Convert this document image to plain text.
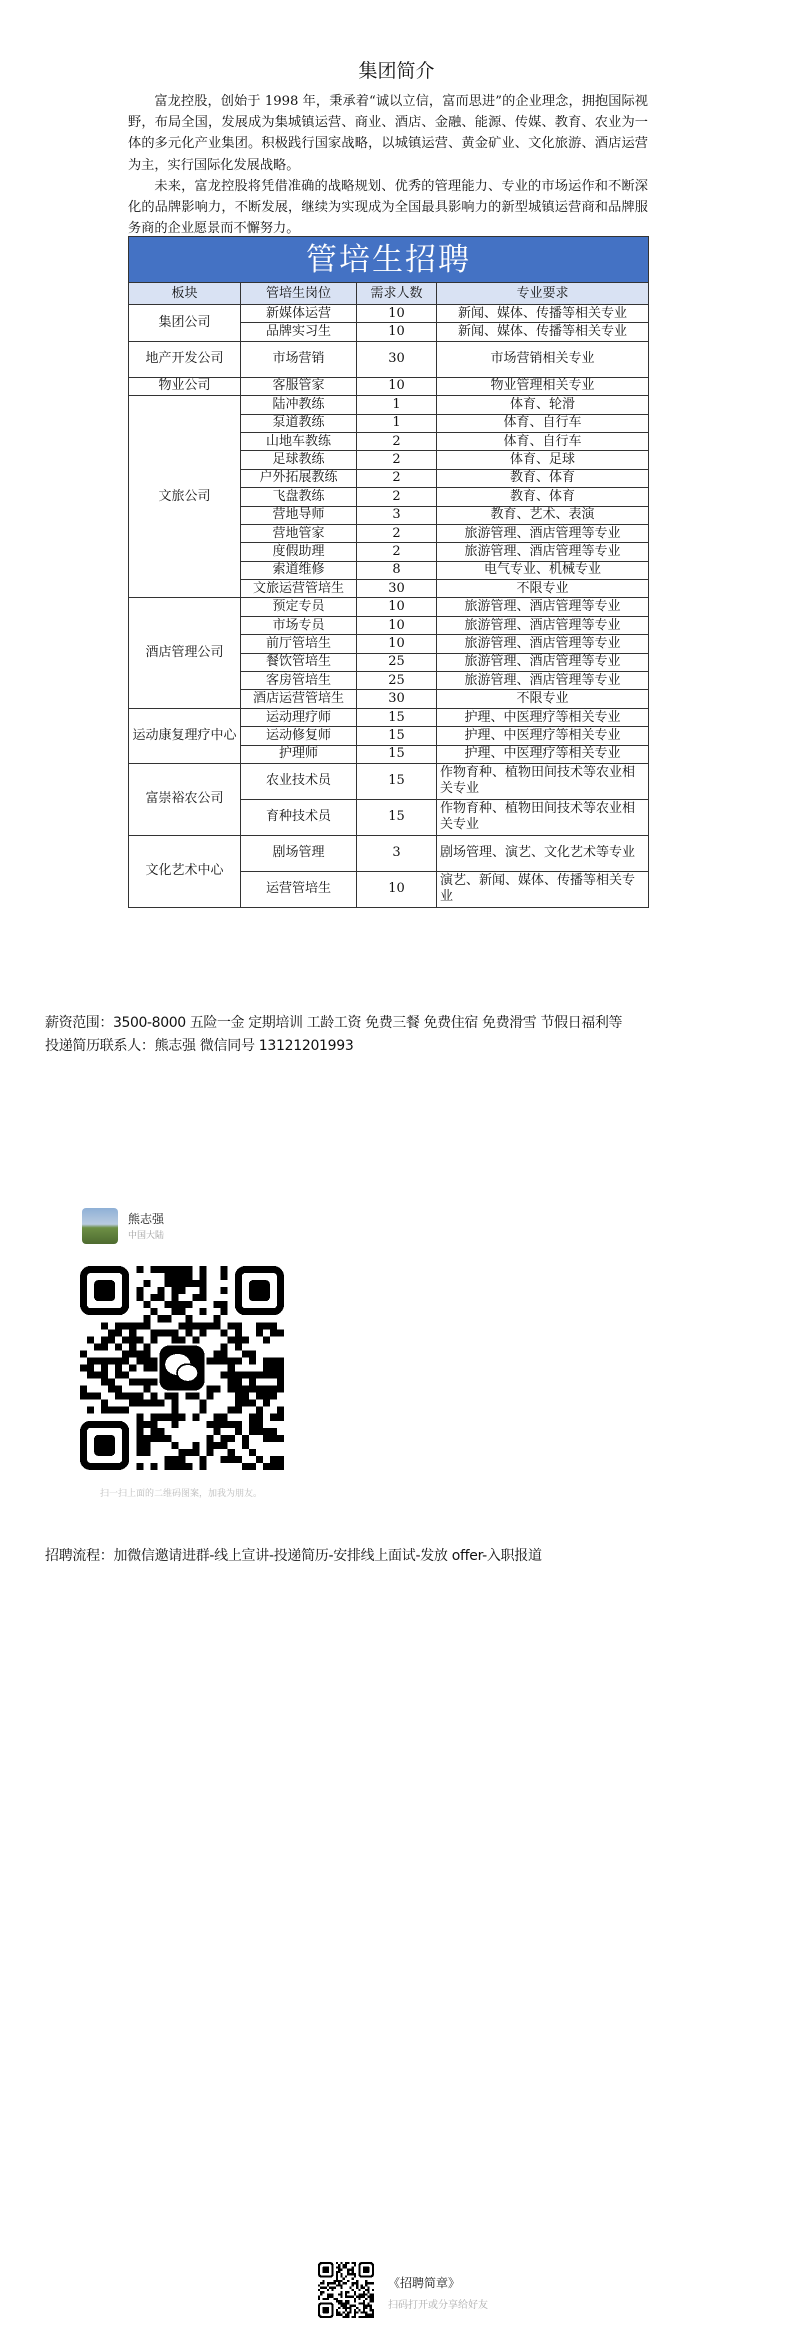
集团简介

富龙控股，创始于 1998 年，秉承着“诚以立信，富而思进”的企业理念，拥抱国际视野，布局全国，发展成为集城镇运营、商业、酒店、金融、能源、传媒、教育、农业为一体的多元化产业集团。积极践行国家战略，以城镇运营、黄金矿业、文化旅游、酒店运营为主，实行国际化发展战略。

未来，富龙控股将凭借准确的战略规划、优秀的管理能力、专业的市场运作和不断深化的品牌影响力，不断发展，继续为实现成为全国最具影响力的新型城镇运营商和品牌服务商的企业愿景而不懈努力。

管培生招聘			
板块	管培生岗位	需求人数	专业要求
集团公司	新媒体运营	10	新闻、媒体、传播等相关专业
	品牌实习生	10	新闻、媒体、传播等相关专业
地产开发公司	市场营销	30	市场营销相关专业
物业公司	客服管家	10	物业管理相关专业
文旅公司	陆冲教练	1	体育、轮滑
	泵道教练	1	体育、自行车
	山地车教练	2	体育、自行车
	足球教练	2	体育、足球
	户外拓展教练	2	教育、体育
	飞盘教练	2	教育、体育
	营地导师	3	教育、艺术、表演
	营地管家	2	旅游管理、酒店管理等专业
	度假助理	2	旅游管理、酒店管理等专业
	索道维修	8	电气专业、机械专业
	文旅运营管培生	30	不限专业
酒店管理公司	预定专员	10	旅游管理、酒店管理等专业
	市场专员	10	旅游管理、酒店管理等专业
	前厅管培生	10	旅游管理、酒店管理等专业
	餐饮管培生	25	旅游管理、酒店管理等专业
	客房管培生	25	旅游管理、酒店管理等专业
	酒店运营管培生	30	不限专业
运动康复理疗中心	运动理疗师	15	护理、中医理疗等相关专业
	运动修复师	15	护理、中医理疗等相关专业
	护理师	15	护理、中医理疗等相关专业
富崇裕农公司	农业技术员	15	作物育种、植物田间技术等农业相关专业
	育种技术员	15	作物育种、植物田间技术等农业相关专业
文化艺术中心	剧场管理	3	剧场管理、演艺、文化艺术等专业
	运营管培生	10	演艺、新闻、媒体、传播等相关专业
薪资范围：3500-8000 五险一金 定期培训 工龄工资 免费三餐 免费住宿 免费滑雪 节假日福利等
投递简历联系人：熊志强 微信同号 13121201993
熊志强
中国大陆
扫一扫上面的二维码图案，加我为朋友。
招聘流程：加微信邀请进群-线上宣讲-投递简历-安排线上面试-发放 offer-入职报道
《招聘简章》
扫码打开或分享给好友
